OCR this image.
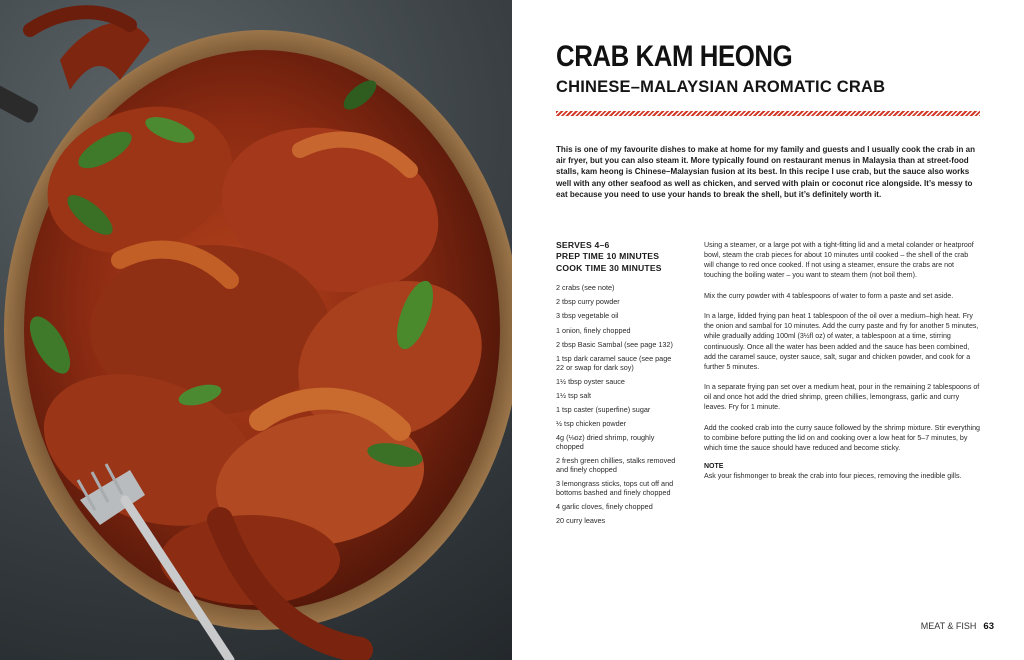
CRAB KAM HEONG
CHINESE–MALAYSIAN AROMATIC CRAB

This is one of my favourite dishes to make at home for my family and guests and I usually cook the crab in an air fryer, but you can also steam it. More typically found on restaurant menus in Malaysia than at street-food stalls, kam heong is Chinese–Malaysian fusion at its best. In this recipe I use crab, but the sauce also works well with any other seafood as well as chicken, and served with plain or coconut rice alongside. It’s messy to eat because you need to use your hands to break the shell, but it’s definitely worth it.

SERVES 4–6
PREP TIME 10 MINUTES
COOK TIME 30 MINUTES
2 crabs (see note)
2 tbsp curry powder
3 tbsp vegetable oil
1 onion, finely chopped
2 tbsp Basic Sambal (see page 132)
1 tsp dark caramel sauce (see page 22 or swap for dark soy)
1½ tbsp oyster sauce
1½ tsp salt
1 tsp caster (superfine) sugar
½ tsp chicken powder
4g (⅛oz) dried shrimp, roughly chopped
2 fresh green chillies, stalks removed and finely chopped
3 lemongrass sticks, tops cut off and bottoms bashed and finely chopped
4 garlic cloves, finely chopped
20 curry leaves

Using a steamer, or a large pot with a tight-fitting lid and a metal colander or heatproof bowl, steam the crab pieces for about 10 minutes until cooked – the shell of the crab will change to red once cooked. If not using a steamer, ensure the crabs are not touching the boiling water – you want to steam them (not boil them).

Mix the curry powder with 4 tablespoons of water to form a paste and set aside.

In a large, lidded frying pan heat 1 tablespoon of the oil over a medium–high heat. Fry the onion and sambal for 10 minutes. Add the curry paste and fry for another 5 minutes, while gradually adding 100ml (3½fl oz) of water, a tablespoon at a time, stirring continuously. Once all the water has been added and the sauce has been combined, add the caramel sauce, oyster sauce, salt, sugar and chicken powder, and cook for a further 5 minutes.

In a separate frying pan set over a medium heat, pour in the remaining 2 tablespoons of oil and once hot add the dried shrimp, green chillies, lemongrass, garlic and curry leaves. Fry for 1 minute.

Add the cooked crab into the curry sauce followed by the shrimp mixture. Stir everything to combine before putting the lid on and cooking over a low heat for 5–7 minutes, by which time the sauce should have reduced and become sticky.

NOTE

Ask your fishmonger to break the crab into four pieces, removing the inedible gills.

MEAT & FISH 63
